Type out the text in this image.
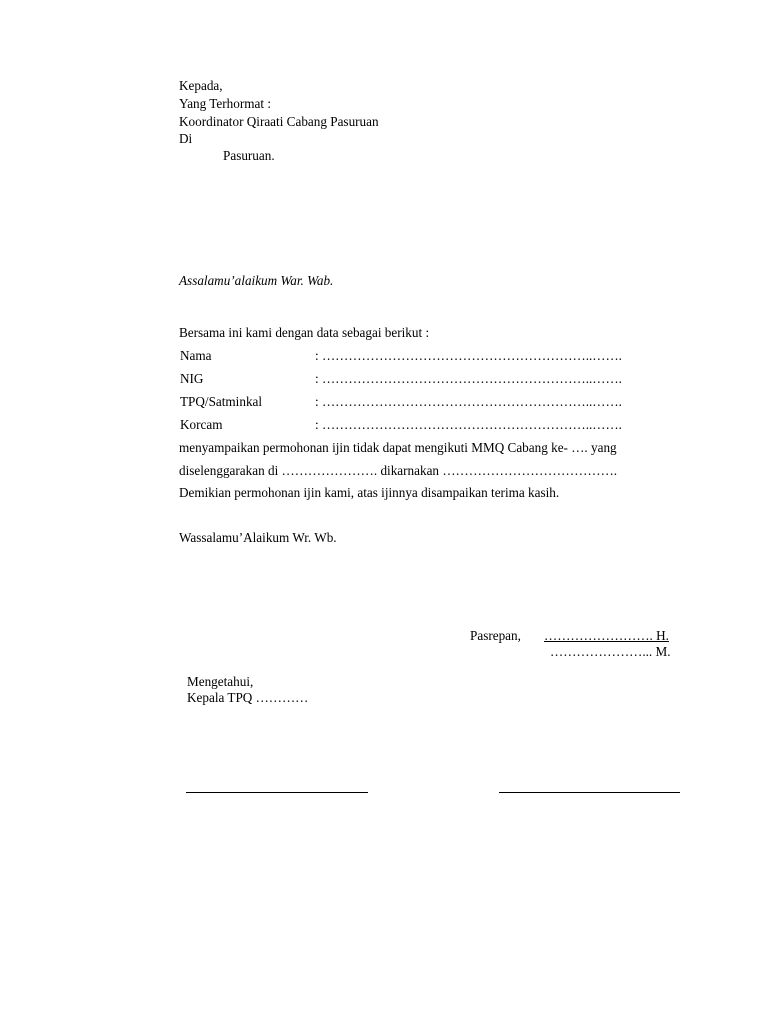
Kepada,
Yang Terhormat :
Koordinator Qiraati Cabang Pasuruan
Di
Pasuruan.
Assalamu’alaikum War. Wab.
Bersama ini kami dengan data sebagai berikut :
Nama	: ……………………………………………………..…….
NIG	: ……………………………………………………..…….
TPQ/Satminkal	: ……………………………………………………..…….
Korcam	: ……………………………………………………..…….
menyampaikan permohonan ijin tidak dapat mengikuti MMQ Cabang ke- …. yang
diselenggarakan di …………………. dikarnakan ………………………………….
Demikian permohonan ijin kami, atas ijinnya disampaikan terima kasih.
Wassalamu’Alaikum Wr. Wb.
Pasrepan, ……………………. H.
…………………... M.
Mengetahui,
Kepala TPQ …………
